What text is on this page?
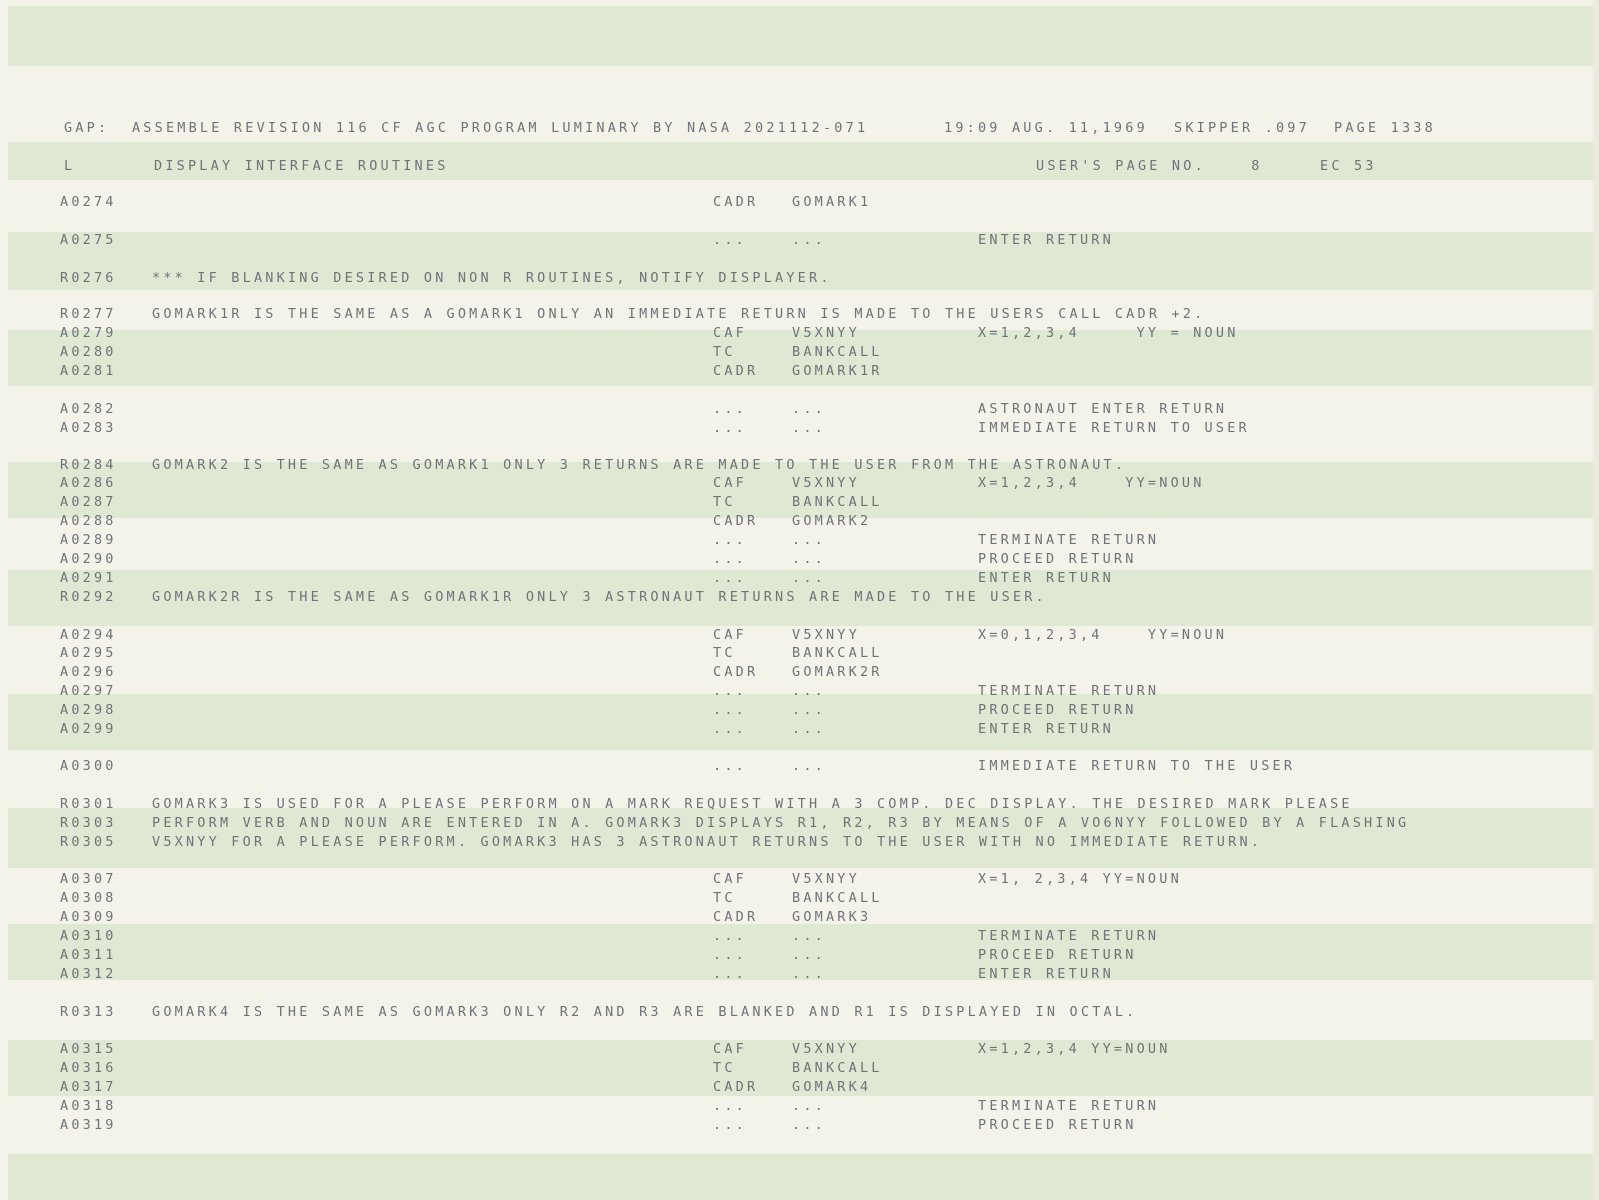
GAP:  ASSEMBLE REVISION 116 CF AGC PROGRAM LUMINARY BY NASA 2021112-071	19:09 AUG. 11,1969 SKIPPER .097 PAGE 1338
L	DISPLAY INTERFACE ROUTINES	USER'S PAGE NO.    8	EC 53
A0274	CADR GOMARK1
A0275	...	...	ENTER RETURN
R0276	*** IF BLANKING DESIRED ON NON R ROUTINES, NOTIFY DISPLAYER.
R0277	GOMARK1R IS THE SAME AS A GOMARK1 ONLY AN IMMEDIATE RETURN IS MADE TO THE USERS CALL CADR +2.
A0279	CAF	V5XNYY	X=1,2,3,4     YY = NOUN
A0280	TC	BANKCALL
A0281	CADR GOMARK1R
A0282	...	...	ASTRONAUT ENTER RETURN
A0283	...	...	IMMEDIATE RETURN TO USER
R0284	GOMARK2 IS THE SAME AS GOMARK1 ONLY 3 RETURNS ARE MADE TO THE USER FROM THE ASTRONAUT.
A0286	CAF	V5XNYY	X=1,2,3,4    YY=NOUN
A0287	TC	BANKCALL
A0288	CADR GOMARK2
A0289	...	...	TERMINATE RETURN
A0290	...	...	PROCEED RETURN
A0291	...	...	ENTER RETURN
R0292	GOMARK2R IS THE SAME AS GOMARK1R ONLY 3 ASTRONAUT RETURNS ARE MADE TO THE USER.
A0294	CAF	V5XNYY	X=0,1,2,3,4    YY=NOUN
A0295	TC	BANKCALL
A0296	CADR GOMARK2R
A0297	...	...	TERMINATE RETURN
A0298	...	...	PROCEED RETURN
A0299	...	...	ENTER RETURN
A0300	...	...	IMMEDIATE RETURN TO THE USER
R0301	GOMARK3 IS USED FOR A PLEASE PERFORM ON A MARK REQUEST WITH A 3 COMP. DEC DISPLAY. THE DESIRED MARK PLEASE
R0303	PERFORM VERB AND NOUN ARE ENTERED IN A. GOMARK3 DISPLAYS R1, R2, R3 BY MEANS OF A VO6NYY FOLLOWED BY A FLASHING
R0305	V5XNYY FOR A PLEASE PERFORM. GOMARK3 HAS 3 ASTRONAUT RETURNS TO THE USER WITH NO IMMEDIATE RETURN.
A0307	CAF	V5XNYY	X=1, 2,3,4 YY=NOUN
A0308	TC	BANKCALL
A0309	CADR GOMARK3
A0310	...	...	TERMINATE RETURN
A0311	...	...	PROCEED RETURN
A0312	...	...	ENTER RETURN
R0313	GOMARK4 IS THE SAME AS GOMARK3 ONLY R2 AND R3 ARE BLANKED AND R1 IS DISPLAYED IN OCTAL.
A0315	CAF	V5XNYY	X=1,2,3,4 YY=NOUN
A0316	TC	BANKCALL
A0317	CADR GOMARK4
A0318	...	...	TERMINATE RETURN
A0319	...	...	PROCEED RETURN
